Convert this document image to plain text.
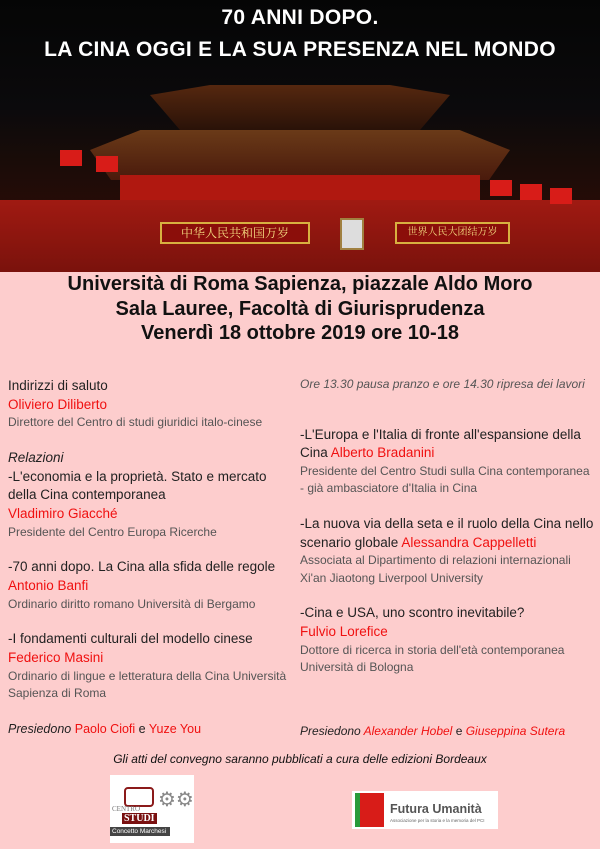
中华人民共和国万岁	世界人民大团结万岁
70 ANNI DOPO.
LA CINA OGGI E LA SUA PRESENZA NEL MONDO
Università di Roma Sapienza, piazzale Aldo Moro
Sala Lauree, Facoltà di Giurisprudenza
Venerdì 18 ottobre 2019 ore 10-18
Indirizzi di saluto
Oliviero Diliberto
Direttore del Centro di studi giuridici italo-cinese
Relazioni
-L'economia e la proprietà. Stato e mercato della Cina contemporanea
Vladimiro Giacché
Presidente del Centro Europa Ricerche
-70 anni dopo. La Cina alla sfida delle regole Antonio Banfi
Ordinario diritto romano Università di Bergamo
-I fondamenti culturali del modello cinese
Federico Masini
Ordinario di lingue e letteratura della Cina Università Sapienza di Roma
Presiedono Paolo Ciofi e Yuze You
Ore 13.30 pausa pranzo e ore 14.30 ripresa dei lavori
-L'Europa e l'Italia di fronte all'espansione della Cina Alberto Bradanini
Presidente del Centro Studi sulla Cina contemporanea - già ambasciatore d'Italia in Cina
-La nuova via della seta e il ruolo della Cina nello scenario globale Alessandra Cappelletti
Associata al Dipartimento di relazioni internazionali Xi'an Jiaotong Liverpool University
-Cina e USA, uno scontro inevitabile?
Fulvio Lorefice
Dottore di ricerca in storia dell'età contemporanea Università di Bologna
Presiedono Alexander Hobel e Giuseppina Sutera
Gli atti del convegno saranno pubblicati a cura delle edizioni Bordeaux
⚙⚙
CENTRO
STUDI
Concetto Marchesi
Futura Umanità
Associazione per la storia e la memoria del PCI
